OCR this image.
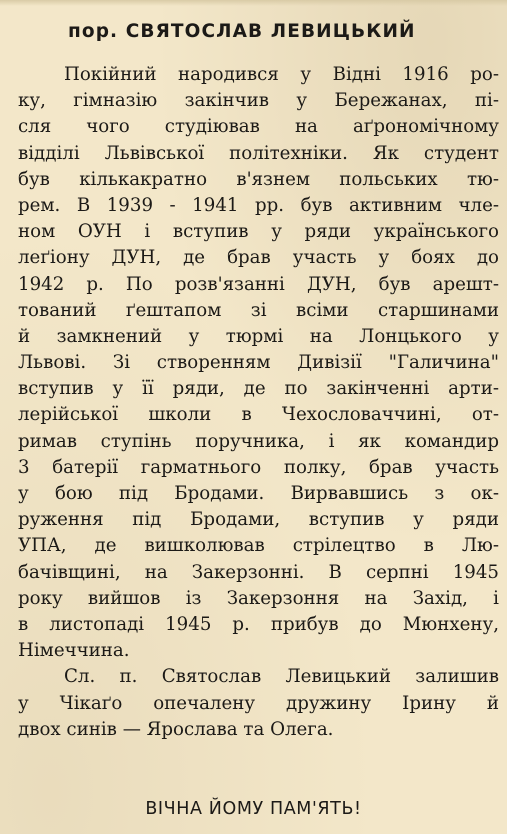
пор. СВЯТОСЛАВ ЛЕВИЦЬКИЙ
Покійний народився у Відні 1916 ро-
ку, гімназію закінчив у Бережанах, пі-
сля чого студіював на аґрономічному
відділі Львівської політехніки. Як студент
був кількакратно в'язнем польських тю-
рем. В 1939 - 1941 рр. був активним чле-
ном ОУН і вступив у ряди українського
леґіону ДУН, де брав участь у боях до
1942 р. По розв'язанні ДУН, був арешт-
тований ґештапом зі всіми старшинами
й замкнений у тюрмі на Лонцького у
Львові. Зі створенням Дивізії "Галичина"
вступив у її ряди, де по закінченні арти-
лерійської школи в Чехословаччині, от-
римав ступінь поручника, і як командир
3 батерії гарматнього полку, брав участь
у бою під Бродами. Вирвавшись з ок-
руження під Бродами, вступив у ряди
УПА, де вишколював стрілецтво в Лю-
бачівщині, на Закерзонні. В серпні 1945
року вийшов із Закерзоння на Захід, і
в листопаді 1945 р. прибув до Мюнхену,
Німеччина.
Сл. п. Святослав Левицький залишив
у Чікаґо опечалену дружину Ірину й
двох синів — Ярослава та Олега.

ВІЧНА ЙОМУ ПАМ'ЯТЬ!
